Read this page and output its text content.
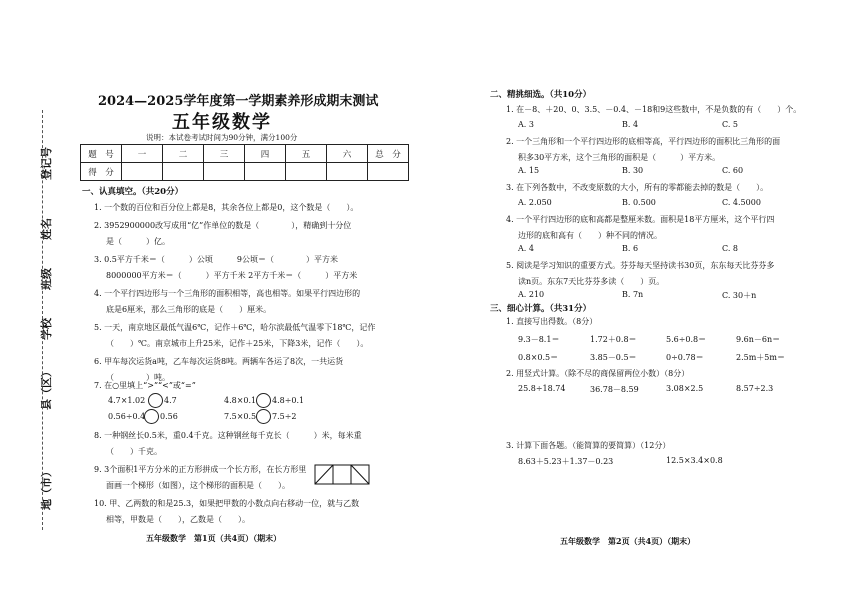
登记号
姓名
班级
学校
县（区）
地（市）
2024—2025学年度第一学期素养形成期末测试
五年级数学
说明：本试卷考试时间为90分钟，满分100分
题　号	一	二	三	四	五	六	总　分
得　分							
一、认真填空。（共20分）
1. 一个数的百位和百分位上都是8，其余各位上都是0，这个数是（　　）。
2. 3952900000改写成用“亿”作单位的数是（　　　　），精确到十分位
是（　　　）亿。
3. 0.5平方千米＝（　　　）公顷　　　9公顷＝（　　　　）平方米
8000000平方米＝（　　　）平方千米 2平方千米＝（　　　）平方米
4. 一个平行四边形与一个三角形的面积相等，高也相等。如果平行四边形的
底是6厘米，那么三角形的底是（　　）厘米。
5. 一天，南京地区最低气温6℃，记作＋6℃，哈尔滨最低气温零下18℃，记作
（　　）℃。南京城市上升25米，记作＋25米，下降3米，记作（　　）。
6. 甲车每次运货a吨，乙车每次运货8吨。两辆车各运了8次，一共运货
（　　　　）吨。
7. 在○里填上“>”“<”或“=”
4.7×1.02 4.7	4.8×0.1 4.8÷0.1
0.56÷0.4 0.56	7.5×0.5 7.5÷2
8. 一种钢丝长0.5米，重0.4千克。这种钢丝每千克长（　　　）米，每米重
（　　）千克。
9. 3个面积1平方分米的正方形拼成一个长方形，在长方形里
面画一个梯形（如图），这个梯形的面积是（　　）。
10. 甲、乙两数的和是25.3，如果把甲数的小数点向右移动一位，就与乙数
相等，甲数是（　　），乙数是（　　）。
五年级数学　第1页（共4页）（期末）
二、精挑细选。（共10分）
1. 在－8、＋20、0、3.5、－0.4、－18和9这些数中，不是负数的有（　　）个。
A. 3	B. 4	C. 5
2. 一个三角形和一个平行四边形的底相等高，平行四边形的面积比三角形的面
积多30平方米，这个三角形的面积是（　　　）平方米。
A. 15	B. 30	C. 60
3. 在下列各数中，不改变原数的大小，所有的零都能去掉的数是（　　）。
A. 2.050	B. 0.500	C. 4.5000
4. 一个平行四边形的底和高都是整厘米数。面积是18平方厘米，这个平行四
边形的底和高有（　　）种不同的情况。
A. 4	B. 6	C. 8
5. 阅读是学习知识的重要方式。芬芬每天坚持读书30页，东东每天比芬芬多
读n页。东东7天比芬芬多读（　　）页。
A. 210	B. 7n	C. 30＋n
三、细心计算。（共31分）
1. 直接写出得数。（8分）
9.3－8.1＝	1.72＋0.8＝	5.6÷0.8＝	9.6n－6n＝
0.8×0.5＝	3.85－0.5＝	0÷0.78＝	2.5m＋5m＝
2. 用竖式计算。（除不尽的商保留两位小数）（8分）
25.8÷18.74	36.78－8.59	3.08×2.5	8.57÷2.3
3. 计算下面各题。（能简算的要简算）（12分）
8.63＋5.23＋1.37－0.23	12.5×3.4×0.8
五年级数学　第2页（共4页）（期末）
